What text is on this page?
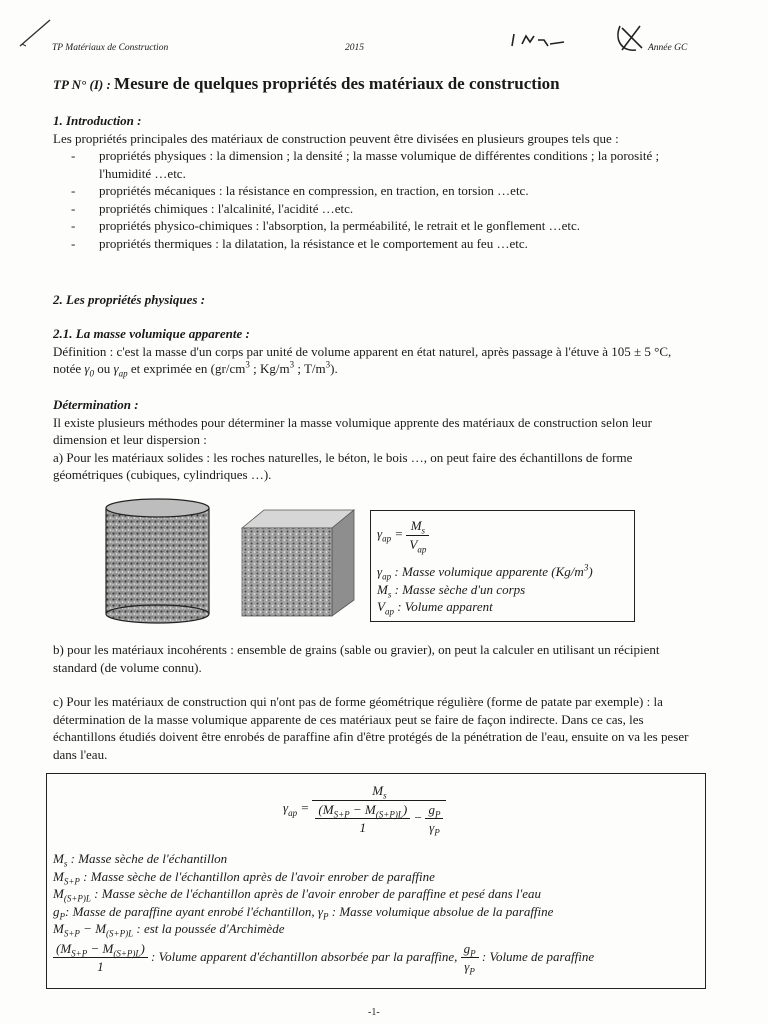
TP Matériaux de Construction	2015	Année GC
TP N° (I) : Mesure de quelques propriétés des matériaux de construction
1. Introduction :
Les propriétés principales des matériaux de construction peuvent être divisées en plusieurs groupes tels que :
- propriétés physiques : la dimension ; la densité ; la masse volumique de différentes conditions ; la porosité ; l'humidité …etc.
- propriétés mécaniques : la résistance en compression, en traction, en torsion …etc.
- propriétés chimiques : l'alcalinité, l'acidité …etc.
- propriétés physico-chimiques : l'absorption, la perméabilité, le retrait et le gonflement …etc.
- propriétés thermiques : la dilatation, la résistance et le comportement au feu …etc.
2. Les propriétés physiques :
2.1. La masse volumique apparente :
Définition : c'est la masse d'un corps par unité de volume apparent en état naturel, après passage à l'étuve à 105 ± 5 °C, notée $\gamma_0$ ou $\gamma_{ap}$ et exprimée en ($gr/cm^3$ ; $Kg/m^3$ ; $T/m^3$).
Détermination :
Il existe plusieurs méthodes pour déterminer la masse volumique apprente des matériaux de construction selon leur dimension et leur dispersion :
a) Pour les matériaux solides : les roches naturelles, le béton, le bois …, on peut faire des échantillons de forme géométriques (cubiques, cylindriques …).
$\gamma_{ap} = \frac{M_s}{V_{ap}}$
$\gamma_{ap}$ : Masse volumique apparente $(Kg/m^3)$
$M_s$ : Masse sèche d'un corps
$V_{ap}$ : Volume apparent
b) pour les matériaux incohérents : ensemble de grains (sable ou gravier), on peut la calculer en utilisant un récipient standard (de volume connu).
c) Pour les matériaux de construction qui n'ont pas de forme géométrique régulière (forme de patate par exemple) : la détermination de la masse volumique apparente de ces matériaux peut se faire de façon indirecte. Dans ce cas, les échantillons étudiés doivent être enrobés de paraffine afin d'être protégés de la pénétration de l'eau, ensuite on va les peser dans l'eau.
$\gamma_{ap} = \frac{M_s}{\frac{(M_{S+P} - M_{(S+P)L})}{1} - \frac{g_P}{\gamma_P}}$
$M_s$ : Masse sèche de l'échantillon
$M_{S+P}$ : Masse sèche de l'échantillon après de l'avoir enrober de paraffine
$M_{(S+P)L}$ : Masse sèche de l'échantillon après de l'avoir enrober de paraffine et pesé dans l'eau
$g_P$: Masse de paraffine ayant enrobé l'échantillon, $\gamma_P$ : Masse volumique absolue de la paraffine
$M_{S+P} - M_{(S+P)L}$ : est la poussée d'Archimède
$\frac{(M_{S+P} - M_{(S+P)L})}{1}$ : Volume apparent d'échantillon absorbée par la paraffine, $\frac{g_P}{\gamma_P}$ : Volume de paraffine
-1-
